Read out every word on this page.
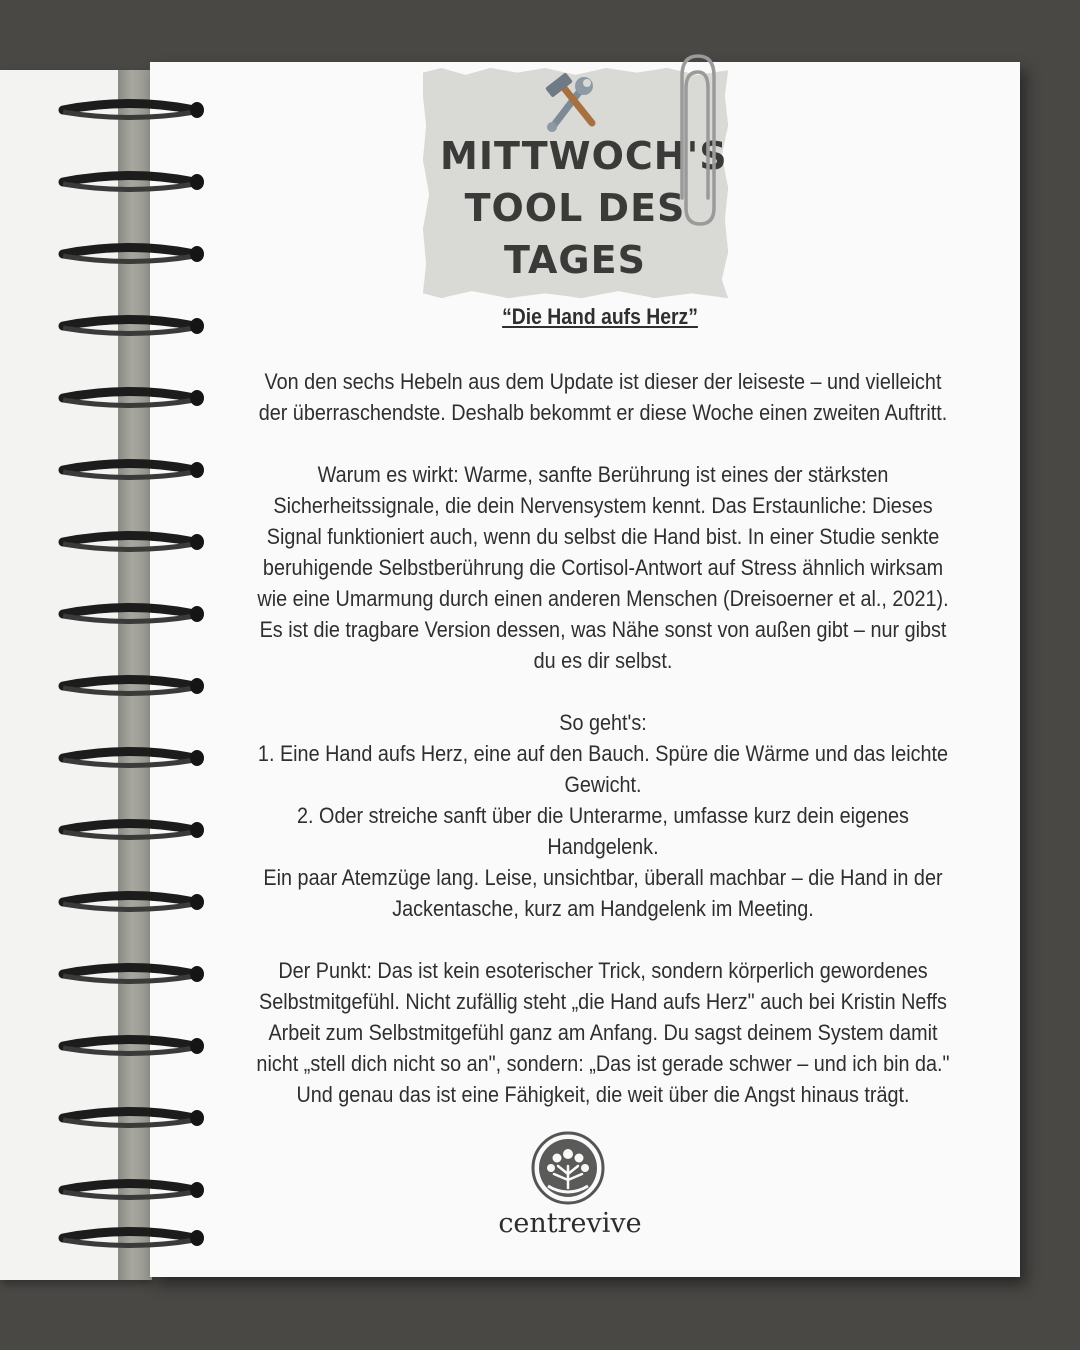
MITTWOCH'S
TOOL DES
TAGES

“Die Hand aufs Herz”

Von den sechs Hebeln aus dem Update ist dieser der leiseste – und vielleicht der überraschendste. Deshalb bekommt er diese Woche einen zweiten Auftritt.

Warum es wirkt: Warme, sanfte Berührung ist eines der stärksten Sicherheitssignale, die dein Nervensystem kennt. Das Erstaunliche: Dieses Signal funktioniert auch, wenn du selbst die Hand bist. In einer Studie senkte beruhigende Selbstberührung die Cortisol-Antwort auf Stress ähnlich wirksam wie eine Umarmung durch einen anderen Menschen (Dreisoerner et al., 2021). Es ist die tragbare Version dessen, was Nähe sonst von außen gibt – nur gibst du es dir selbst.

So geht's:

1. Eine Hand aufs Herz, eine auf den Bauch. Spüre die Wärme und das leichte Gewicht.

2. Oder streiche sanft über die Unterarme, umfasse kurz dein eigenes Handgelenk.

Ein paar Atemzüge lang. Leise, unsichtbar, überall machbar – die Hand in der Jackentasche, kurz am Handgelenk im Meeting.

Der Punkt: Das ist kein esoterischer Trick, sondern körperlich gewordenes Selbstmitgefühl. Nicht zufällig steht „die Hand aufs Herz" auch bei Kristin Neffs Arbeit zum Selbstmitgefühl ganz am Anfang. Du sagst deinem System damit nicht „stell dich nicht so an", sondern: „Das ist gerade schwer – und ich bin da."

Und genau das ist eine Fähigkeit, die weit über die Angst hinaus trägt.

centrevive
